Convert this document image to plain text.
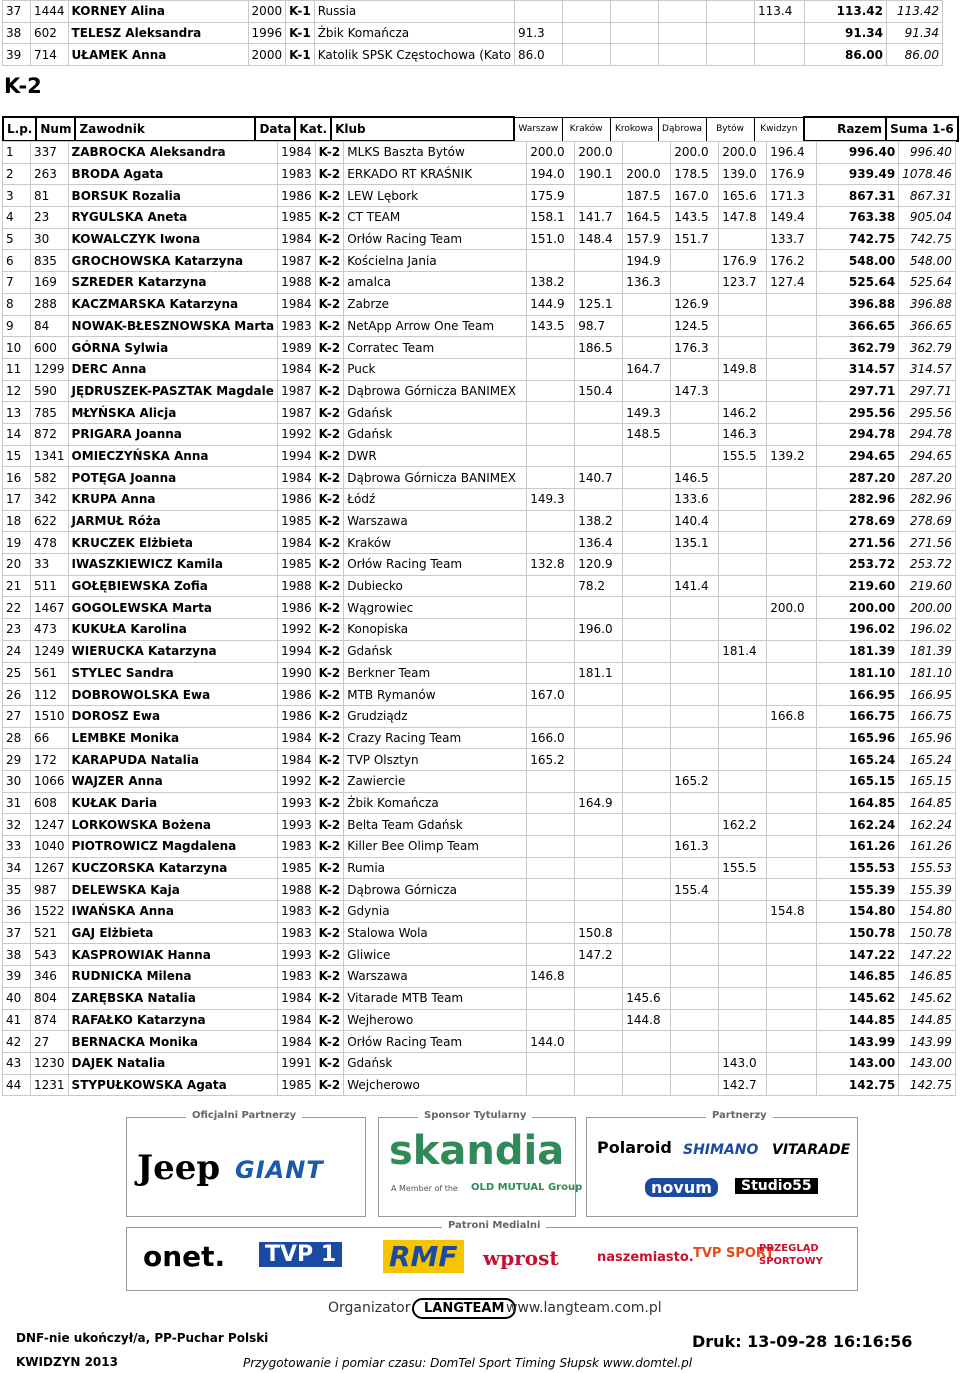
37	1444	KORNEY Alina	2000	K-1	Russia						113.4	113.42	113.42
38	602	TELESZ Aleksandra	1996	K-1	Żbik Komańcza	91.3						91.34	91.34
39	714	UŁAMEK Anna	2000	K-1	Katolik SPSK Częstochowa (Kato	86.0						86.00	86.00
K-2
L.p.	Num	Zawodnik	Data	Kat.	Klub	Warszaw	Kraków	Krokowa	Dąbrowa	Bytów	Kwidzyn	Razem	Suma 1-6
1	337	ZABROCKA Aleksandra	1984	K-2	MLKS Baszta Bytów	200.0	200.0		200.0	200.0	196.4	996.40	996.40
2	263	BRODA Agata	1983	K-2	ERKADO RT KRAŚNIK	194.0	190.1	200.0	178.5	139.0	176.9	939.49	1078.46
3	81	BORSUK Rozalia	1986	K-2	LEW Lębork	175.9		187.5	167.0	165.6	171.3	867.31	867.31
4	23	RYGULSKA Aneta	1985	K-2	CT TEAM	158.1	141.7	164.5	143.5	147.8	149.4	763.38	905.04
5	30	KOWALCZYK Iwona	1984	K-2	Orłów Racing Team	151.0	148.4	157.9	151.7		133.7	742.75	742.75
6	835	GROCHOWSKA Katarzyna	1987	K-2	Kościelna Jania			194.9		176.9	176.2	548.00	548.00
7	169	SZREDER Katarzyna	1988	K-2	amalca	138.2		136.3		123.7	127.4	525.64	525.64
8	288	KACZMARSKA Katarzyna	1984	K-2	Zabrze	144.9	125.1		126.9			396.88	396.88
9	84	NOWAK-BŁESZNOWSKA Marta	1983	K-2	NetApp Arrow One Team	143.5	98.7		124.5			366.65	366.65
10	600	GÓRNA Sylwia	1989	K-2	Corratec Team		186.5		176.3			362.79	362.79
11	1299	DERC Anna	1984	K-2	Puck			164.7		149.8		314.57	314.57
12	590	JĘDRUSZEK-PASZTAK Magdale	1987	K-2	Dąbrowa Górnicza BANIMEX		150.4		147.3			297.71	297.71
13	785	MŁYŃSKA Alicja	1987	K-2	Gdańsk			149.3		146.2		295.56	295.56
14	872	PRIGARA Joanna	1992	K-2	Gdańsk			148.5		146.3		294.78	294.78
15	1341	OMIECZYŃSKA Anna	1994	K-2	DWR					155.5	139.2	294.65	294.65
16	582	POTĘGA Joanna	1984	K-2	Dąbrowa Górnicza BANIMEX		140.7		146.5			287.20	287.20
17	342	KRUPA Anna	1986	K-2	Łódź	149.3			133.6			282.96	282.96
18	622	JARMUŁ Róża	1985	K-2	Warszawa		138.2		140.4			278.69	278.69
19	478	KRUCZEK Elżbieta	1984	K-2	Kraków		136.4		135.1			271.56	271.56
20	33	IWASZKIEWICZ Kamila	1985	K-2	Orłów Racing Team	132.8	120.9					253.72	253.72
21	511	GOŁĘBIEWSKA Zofia	1988	K-2	Dubiecko		78.2		141.4			219.60	219.60
22	1467	GOGOLEWSKA Marta	1986	K-2	Wągrowiec						200.0	200.00	200.00
23	473	KUKUŁA Karolina	1992	K-2	Konopiska		196.0					196.02	196.02
24	1249	WIERUCKA Katarzyna	1994	K-2	Gdańsk					181.4		181.39	181.39
25	561	STYLEC Sandra	1990	K-2	Berkner Team		181.1					181.10	181.10
26	112	DOBROWOLSKA Ewa	1986	K-2	MTB Rymanów	167.0						166.95	166.95
27	1510	DOROSZ Ewa	1986	K-2	Grudziądz						166.8	166.75	166.75
28	66	LEMBKE Monika	1984	K-2	Crazy Racing Team	166.0						165.96	165.96
29	172	KARAPUDA Natalia	1984	K-2	TVP Olsztyn	165.2						165.24	165.24
30	1066	WAJZER Anna	1992	K-2	Zawiercie				165.2			165.15	165.15
31	608	KUŁAK Daria	1993	K-2	Żbik Komańcza		164.9					164.85	164.85
32	1247	LORKOWSKA Bożena	1993	K-2	Belta Team Gdańsk					162.2		162.24	162.24
33	1040	PIOTROWICZ Magdalena	1983	K-2	Killer Bee Olimp Team				161.3			161.26	161.26
34	1267	KUCZORSKA Katarzyna	1985	K-2	Rumia					155.5		155.53	155.53
35	987	DELEWSKA Kaja	1988	K-2	Dąbrowa Górnicza				155.4			155.39	155.39
36	1522	IWAŃSKA Anna	1983	K-2	Gdynia						154.8	154.80	154.80
37	521	GAJ Elżbieta	1983	K-2	Stalowa Wola		150.8					150.78	150.78
38	543	KASPROWIAK Hanna	1993	K-2	Gliwice		147.2					147.22	147.22
39	346	RUDNICKA Milena	1983	K-2	Warszawa	146.8						146.85	146.85
40	804	ZARĘBSKA Natalia	1984	K-2	Vitarade MTB Team			145.6				145.62	145.62
41	874	RAFAŁKO Katarzyna	1984	K-2	Wejherowo			144.8				144.85	144.85
42	27	BERNACKA Monika	1984	K-2	Orłów Racing Team	144.0						143.99	143.99
43	1230	DAJEK Natalia	1991	K-2	Gdańsk					143.0		143.00	143.00
44	1231	STYPUŁKOWSKA Agata	1985	K-2	Wejcherowo					142.7		142.75	142.75
Jeep GIANT
Oficjalni Partnerzy
skandia
A Member of the OLD MUTUAL Group
Sponsor Tytularny
Polaroid SHIMANO VITARADE
novum	Studio55
Partnerzy
onet. TVP 1 RMF	wprost	naszemiasto. TVP SPORT
PRZEGLĄD SPORTOWY
Patroni Medialni
Organizator	LANGTEAM www.langteam.com.pl
DNF-nie ukończył/a, PP-Puchar Polski
KWIDZYN 2013	Przygotowanie i pomiar czasu: DomTel Sport Timing Słupsk www.domtel.pl
Druk: 13-09-28 16:16:56
